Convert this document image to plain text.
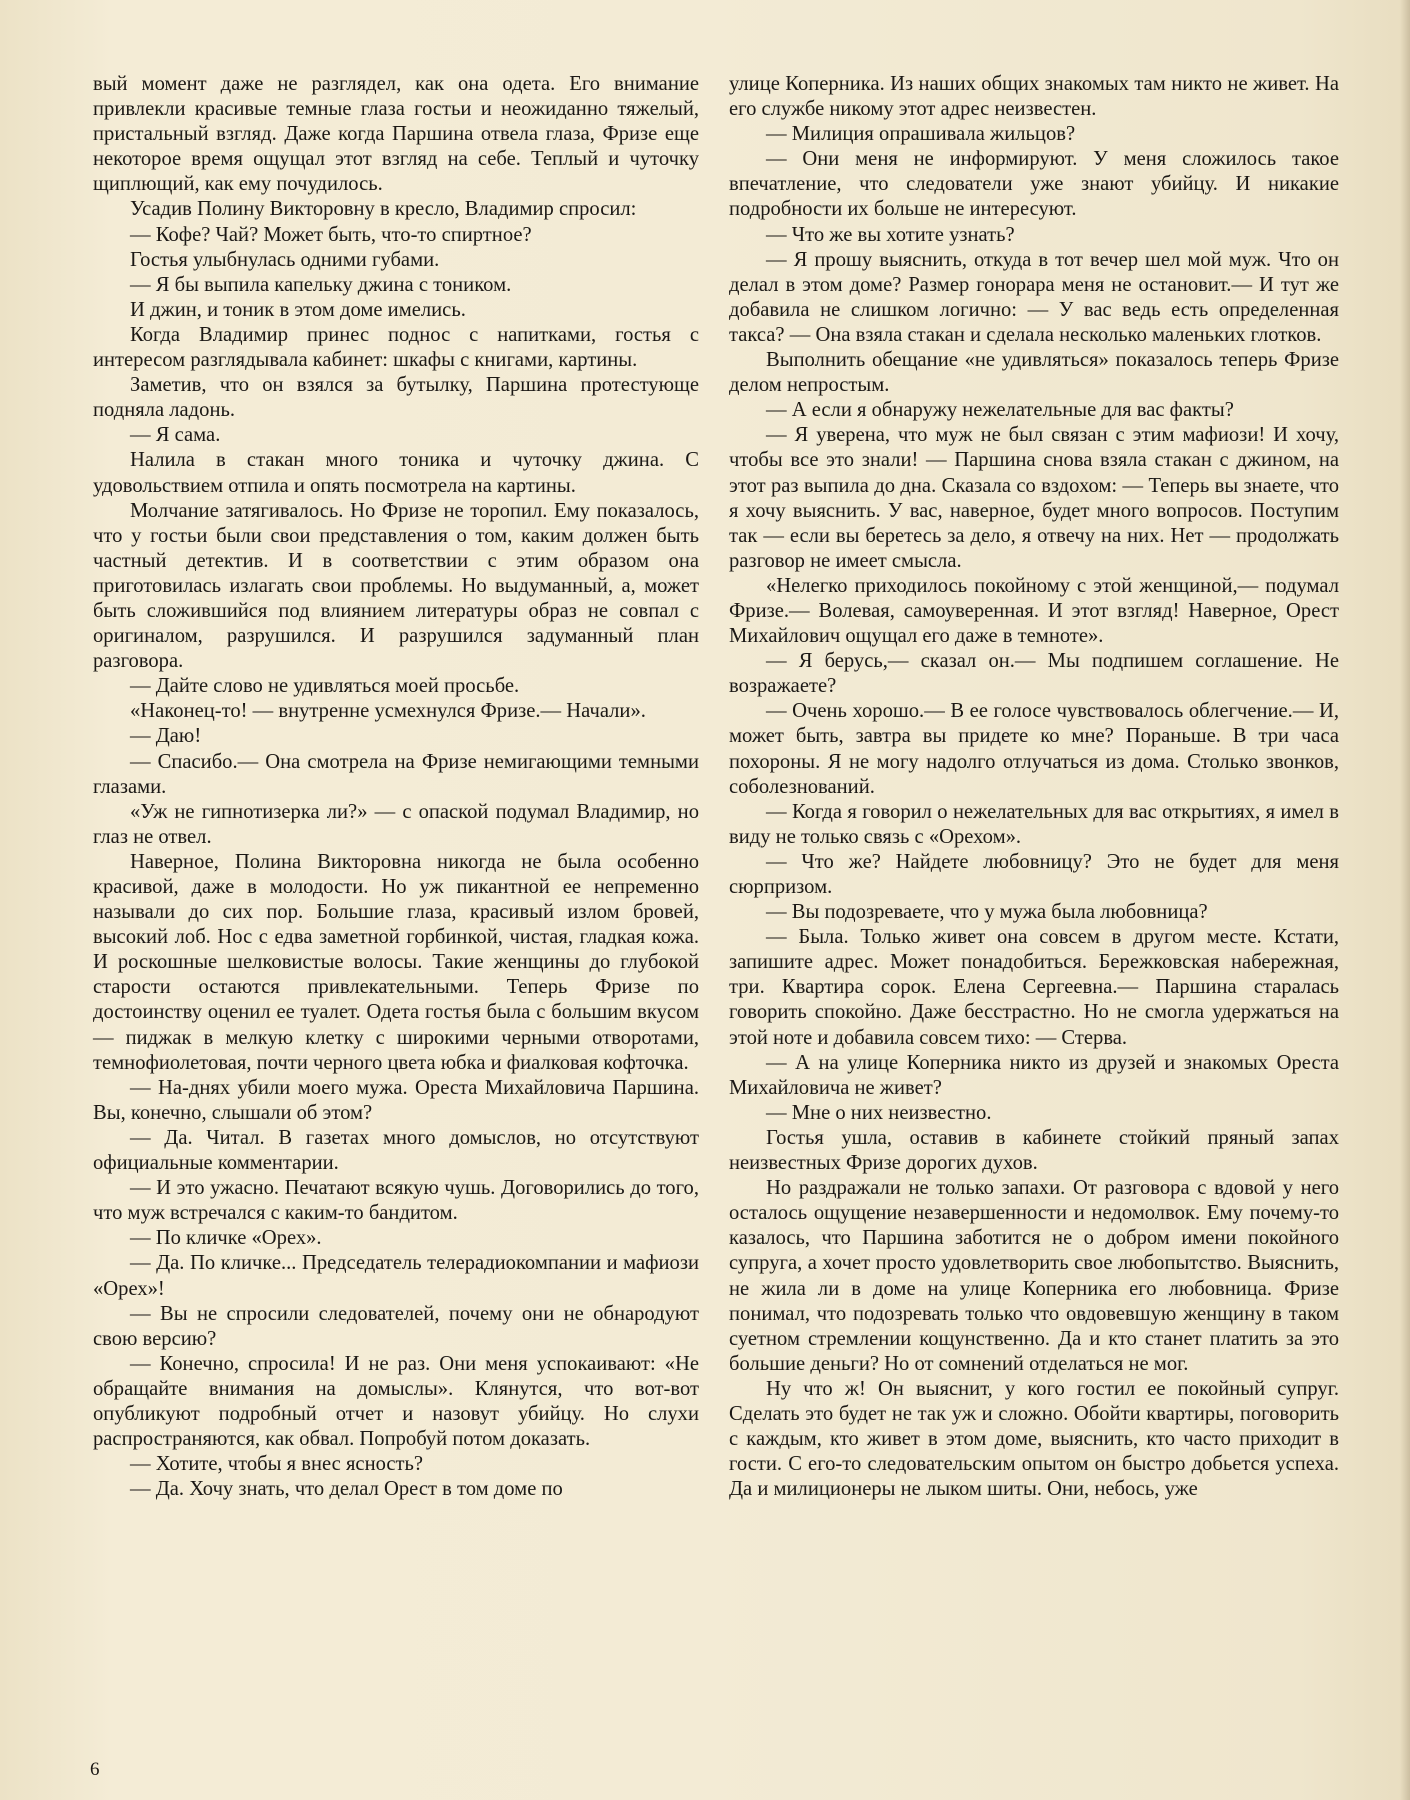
вый момент даже не разглядел, как она одета. Его внимание привлекли красивые темные глаза гостьи и неожиданно тяжелый, пристальный взгляд. Даже когда Паршина отвела глаза, Фризе еще некоторое время ощущал этот взгляд на себе. Теплый и чуточку щиплющий, как ему почудилось.

Усадив Полину Викторовну в кресло, Владимир спросил:

— Кофе? Чай? Может быть, что-то спиртное?

Гостья улыбнулась одними губами.

— Я бы выпила капельку джина с тоником.

И джин, и тоник в этом доме имелись.

Когда Владимир принес поднос с напитками, гостья с интересом разглядывала кабинет: шкафы с книгами, картины.

Заметив, что он взялся за бутылку, Паршина протестующе подняла ладонь.

— Я сама.

Налила в стакан много тоника и чуточку джина. С удовольствием отпила и опять посмотрела на картины.

Молчание затягивалось. Но Фризе не торопил. Ему показалось, что у гостьи были свои представления о том, каким должен быть частный детектив. И в соответствии с этим образом она приготовилась излагать свои проблемы. Но выдуманный, а, может быть сложившийся под влиянием литературы образ не совпал с оригиналом, разрушился. И разрушился задуманный план разговора.

— Дайте слово не удивляться моей просьбе.

«Наконец-то! — внутренне усмехнулся Фризе.— Начали».

— Даю!

— Спасибо.— Она смотрела на Фризе немигающими темными глазами.

«Уж не гипнотизерка ли?» — с опаской подумал Владимир, но глаз не отвел.

Наверное, Полина Викторовна никогда не была особенно красивой, даже в молодости. Но уж пикантной ее непременно называли до сих пор. Большие глаза, красивый излом бровей, высокий лоб. Нос с едва заметной горбинкой, чистая, гладкая кожа. И роскошные шелковистые волосы. Такие женщины до глубокой старости остаются привлекательными. Теперь Фризе по достоинству оценил ее туалет. Одета гостья была с большим вкусом — пиджак в мелкую клетку с широкими черными отворотами, темнофиолетовая, почти черного цвета юбка и фиалковая кофточка.

— На-днях убили моего мужа. Ореста Михайловича Паршина. Вы, конечно, слышали об этом?

— Да. Читал. В газетах много домыслов, но отсутствуют официальные комментарии.

— И это ужасно. Печатают всякую чушь. Договорились до того, что муж встречался с каким-то бандитом.

— По кличке «Орех».

— Да. По кличке... Председатель телерадиокомпании и мафиози «Орех»!

— Вы не спросили следователей, почему они не обнародуют свою версию?

— Конечно, спросила! И не раз. Они меня успокаивают: «Не обращайте внимания на домыслы». Клянутся, что вот-вот опубликуют подробный отчет и назовут убийцу. Но слухи распространяются, как обвал. Попробуй потом доказать.

— Хотите, чтобы я внес ясность?

— Да. Хочу знать, что делал Орест в том доме по

улице Коперника. Из наших общих знакомых там никто не живет. На его службе никому этот адрес неизвестен.

— Милиция опрашивала жильцов?

— Они меня не информируют. У меня сложилось такое впечатление, что следователи уже знают убийцу. И никакие подробности их больше не интересуют.

— Что же вы хотите узнать?

— Я прошу выяснить, откуда в тот вечер шел мой муж. Что он делал в этом доме? Размер гонорара меня не остановит.— И тут же добавила не слишком логично: — У вас ведь есть определенная такса? — Она взяла стакан и сделала несколько маленьких глотков.

Выполнить обещание «не удивляться» показалось теперь Фризе делом непростым.

— А если я обнаружу нежелательные для вас факты?

— Я уверена, что муж не был связан с этим мафиози! И хочу, чтобы все это знали! — Паршина снова взяла стакан с джином, на этот раз выпила до дна. Сказала со вздохом: — Теперь вы знаете, что я хочу выяснить. У вас, наверное, будет много вопросов. Поступим так — если вы беретесь за дело, я отвечу на них. Нет — продолжать разговор не имеет смысла.

«Нелегко приходилось покойному с этой женщиной,— подумал Фризе.— Волевая, самоуверенная. И этот взгляд! Наверное, Орест Михайлович ощущал его даже в темноте».

— Я берусь,— сказал он.— Мы подпишем соглашение. Не возражаете?

— Очень хорошо.— В ее голосе чувствовалось облегчение.— И, может быть, завтра вы придете ко мне? Пораньше. В три часа похороны. Я не могу надолго отлучаться из дома. Столько звонков, соболезнований.

— Когда я говорил о нежелательных для вас открытиях, я имел в виду не только связь с «Орехом».

— Что же? Найдете любовницу? Это не будет для меня сюрпризом.

— Вы подозреваете, что у мужа была любовница?

— Была. Только живет она совсем в другом месте. Кстати, запишите адрес. Может понадобиться. Бережковская набережная, три. Квартира сорок. Елена Сергеевна.— Паршина старалась говорить спокойно. Даже бесстрастно. Но не смогла удержаться на этой ноте и добавила совсем тихо: — Стерва.

— А на улице Коперника никто из друзей и знакомых Ореста Михайловича не живет?

— Мне о них неизвестно.

Гостья ушла, оставив в кабинете стойкий пряный запах неизвестных Фризе дорогих духов.

Но раздражали не только запахи. От разговора с вдовой у него осталось ощущение незавершенности и недомолвок. Ему почему-то казалось, что Паршина заботится не о добром имени покойного супруга, а хочет просто удовлетворить свое любопытство. Выяснить, не жила ли в доме на улице Коперника его любовница. Фризе понимал, что подозревать только что овдовевшую женщину в таком суетном стремлении кощунственно. Да и кто станет платить за это большие деньги? Но от сомнений отделаться не мог.

Ну что ж! Он выяснит, у кого гостил ее покойный супруг. Сделать это будет не так уж и сложно. Обойти квартиры, поговорить с каждым, кто живет в этом доме, выяснить, кто часто приходит в гости. С его-то следовательским опытом он быстро добьется успеха. Да и милиционеры не лыком шиты. Они, небось, уже

6
